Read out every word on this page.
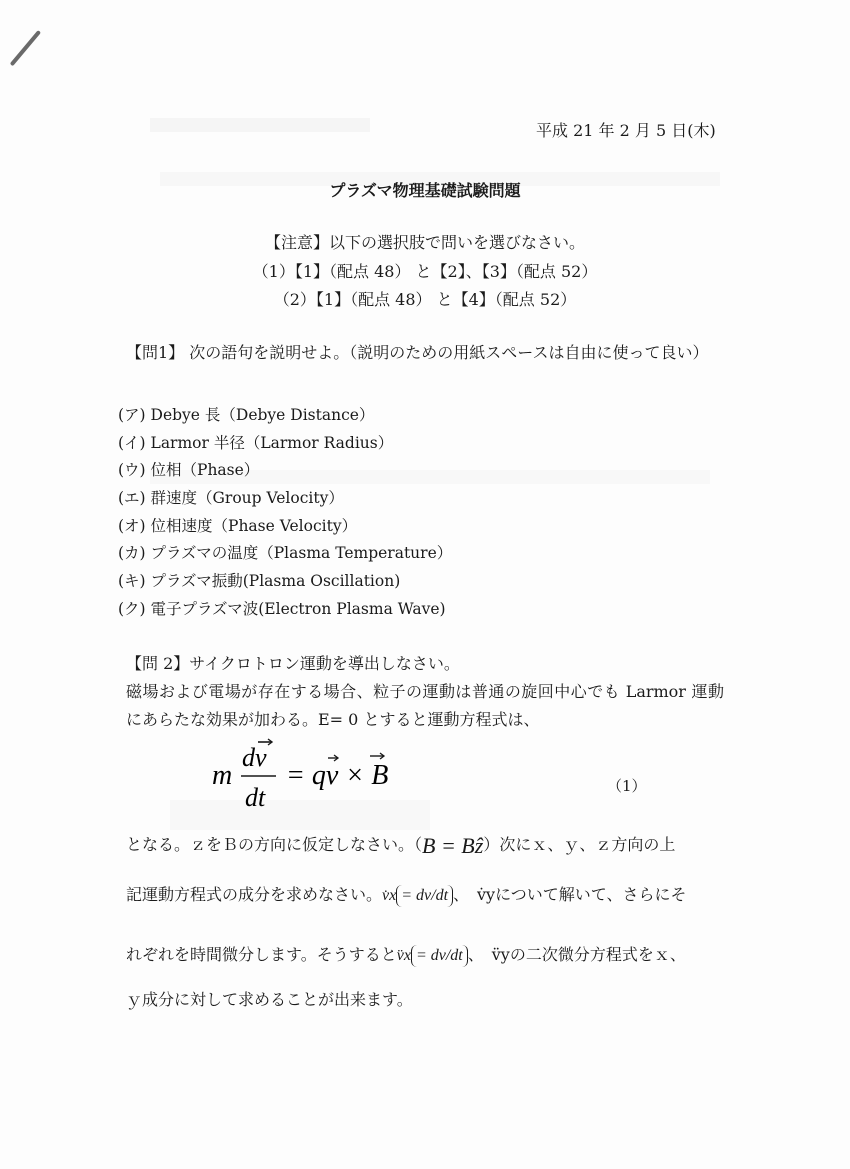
平成 21 年 2 月 5 日(木)
プラズマ物理基礎試験問題
【注意】以下の選択肢で問いを選びなさい。
（1）【1】（配点 48） と【2】、【3】（配点 52）
（2）【1】（配点 48） と【4】（配点 52）
【問1】 次の語句を説明せよ。（説明のための用紙スペースは自由に使って良い）
(ア) Debye 長（Debye Distance）
(イ) Larmor 半径（Larmor Radius）
(ウ) 位相（Phase）
(エ) 群速度（Group Velocity）
(オ) 位相速度（Phase Velocity）
(カ) プラズマの温度（Plasma Temperature）
(キ) プラズマ振動(Plasma Oscillation)
(ク) 電子プラズマ波(Electron Plasma Wave)
【問 2】サイクロトロン運動を導出しなさい。
磁場および電場が存在する場合、粒子の運動は普通の旋回中心でも Larmor 運動にあらたな効果が加わる。E= 0 とすると運動方程式は、
m
dv
dt
= qv × B	（1）
となる。ｚをＢの方向に仮定しなさい。（B = Bẑ）次にｘ、ｙ、ｚ方向の上
記運動方程式の成分を求めなさい。v̇x = dv/dt 、　v̇yについて解いて、さらにそ
れぞれを時間微分します。そうするとv̈x = dv/dt 、　v̈yの二次微分方程式をｘ、
ｙ成分に対して求めることが出来ます。
